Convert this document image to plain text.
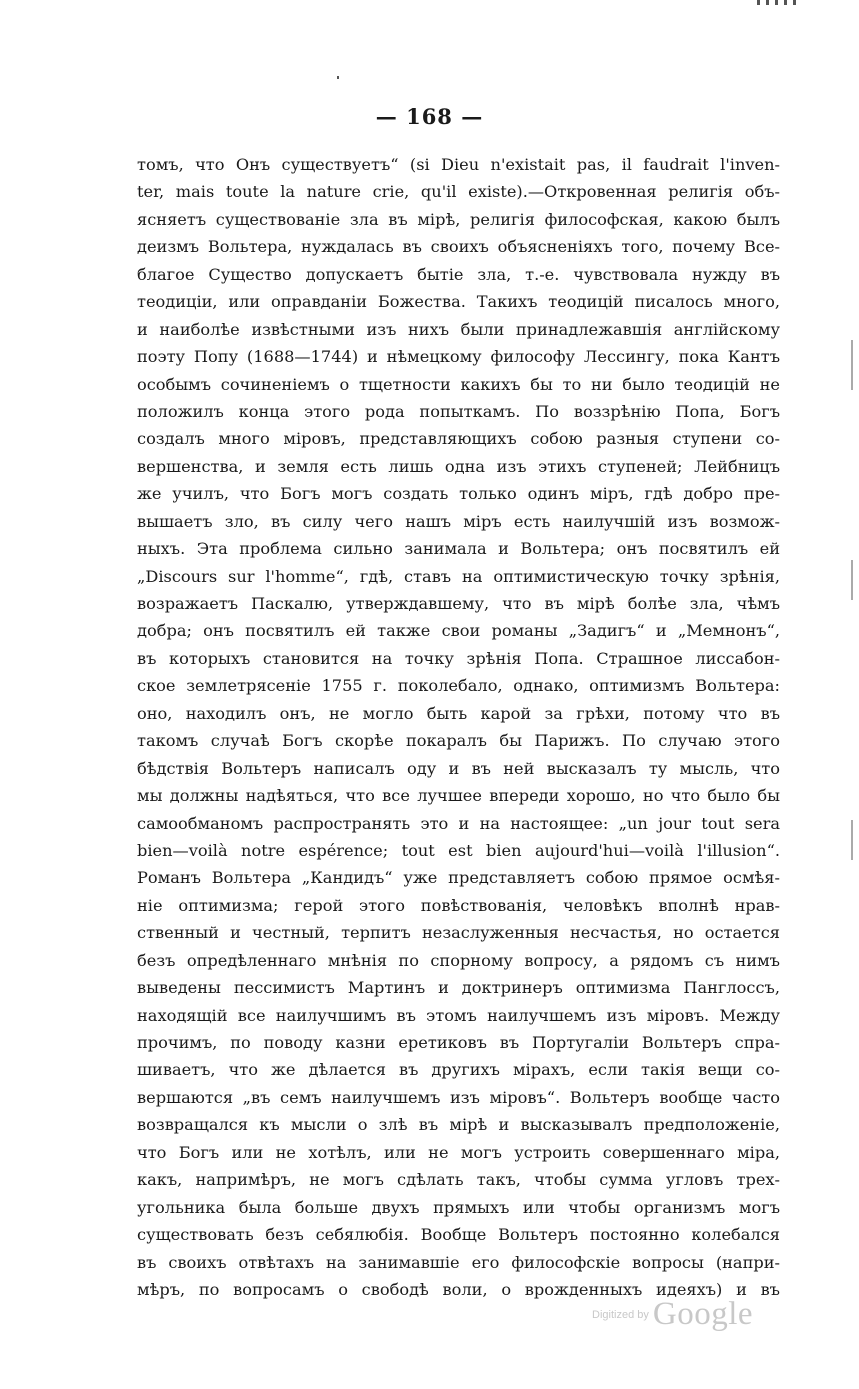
— 168 —
томъ, что Онъ существуетъ“ (si Dieu n'existait pas, il faudrait l'inven-
ter, mais toute la nature crie, qu'il existe).—Откровенная религія объ-
ясняетъ существованіе зла въ мірѣ, религія философская, какою былъ
деизмъ Вольтера, нуждалась въ своихъ объясненіяхъ того, почему Все-
благое Существо допускаетъ бытіе зла, т.-е. чувствовала нужду въ
теодиціи, или оправданіи Божества. Такихъ теодицій писалось много,
и наиболѣе извѣстными изъ нихъ были принадлежавшія англійскому
поэту Попу (1688—1744) и нѣмецкому философу Лессингу, пока Кантъ
особымъ сочиненіемъ о тщетности какихъ бы то ни было теодицій не
положилъ конца этого рода попыткамъ. По воззрѣнію Попа, Богъ
создалъ много міровъ, представляющихъ собою разныя ступени со-
вершенства, и земля есть лишь одна изъ этихъ ступеней; Лейбницъ
же училъ, что Богъ могъ создать только одинъ міръ, гдѣ добро пре-
вышаетъ зло, въ силу чего нашъ міръ есть наилучшій изъ возмож-
ныхъ. Эта проблема сильно занимала и Вольтера; онъ посвятилъ ей
„Discours sur l'homme“, гдѣ, ставъ на оптимистическую точку зрѣнія,
возражаетъ Паскалю, утверждавшему, что въ мірѣ болѣе зла, чѣмъ
добра; онъ посвятилъ ей также свои романы „Задигъ“ и „Мемнонъ“,
въ которыхъ становится на точку зрѣнія Попа. Страшное лиссабон-
ское землетрясеніе 1755 г. поколебало, однако, оптимизмъ Вольтера:
оно, находилъ онъ, не могло быть карой за грѣхи, потому что въ
такомъ случаѣ Богъ скорѣе покаралъ бы Парижъ. По случаю этого
бѣдствія Вольтеръ написалъ оду и въ ней высказалъ ту мысль, что
мы должны надѣяться, что все лучшее впереди хорошо, но что было бы
самообманомъ распространять это и на настоящее: „un jour tout sera
bien—voilà notre espérence; tout est bien aujourd'hui—voilà l'illusion“.
Романъ Вольтера „Кандидъ“ уже представляетъ собою прямое осмѣя-
ніе оптимизма; герой этого повѣствованія, человѣкъ вполнѣ нрав-
ственный и честный, терпитъ незаслуженныя несчастья, но остается
безъ опредѣленнаго мнѣнія по спорному вопросу, а рядомъ съ нимъ
выведены пессимистъ Мартинъ и доктринеръ оптимизма Панглоссъ,
находящій все наилучшимъ въ этомъ наилучшемъ изъ міровъ. Между
прочимъ, по поводу казни еретиковъ въ Португаліи Вольтеръ спра-
шиваетъ, что же дѣлается въ другихъ мірахъ, если такія вещи со-
вершаются „въ семъ наилучшемъ изъ міровъ“. Вольтеръ вообще часто
возвращался къ мысли о злѣ въ мірѣ и высказывалъ предположеніе,
что Богъ или не хотѣлъ, или не могъ устроить совершеннаго міра,
какъ, напримѣръ, не могъ сдѣлать такъ, чтобы сумма угловъ трех-
угольника была больше двухъ прямыхъ или чтобы организмъ могъ
существовать безъ себялюбія. Вообще Вольтеръ постоянно колебался
въ своихъ отвѣтахъ на занимавшіе его философскіе вопросы (напри-
мѣръ, по вопросамъ о свободѣ воли, о врожденныхъ идеяхъ) и въ
$^{Digitized by}$ Google
